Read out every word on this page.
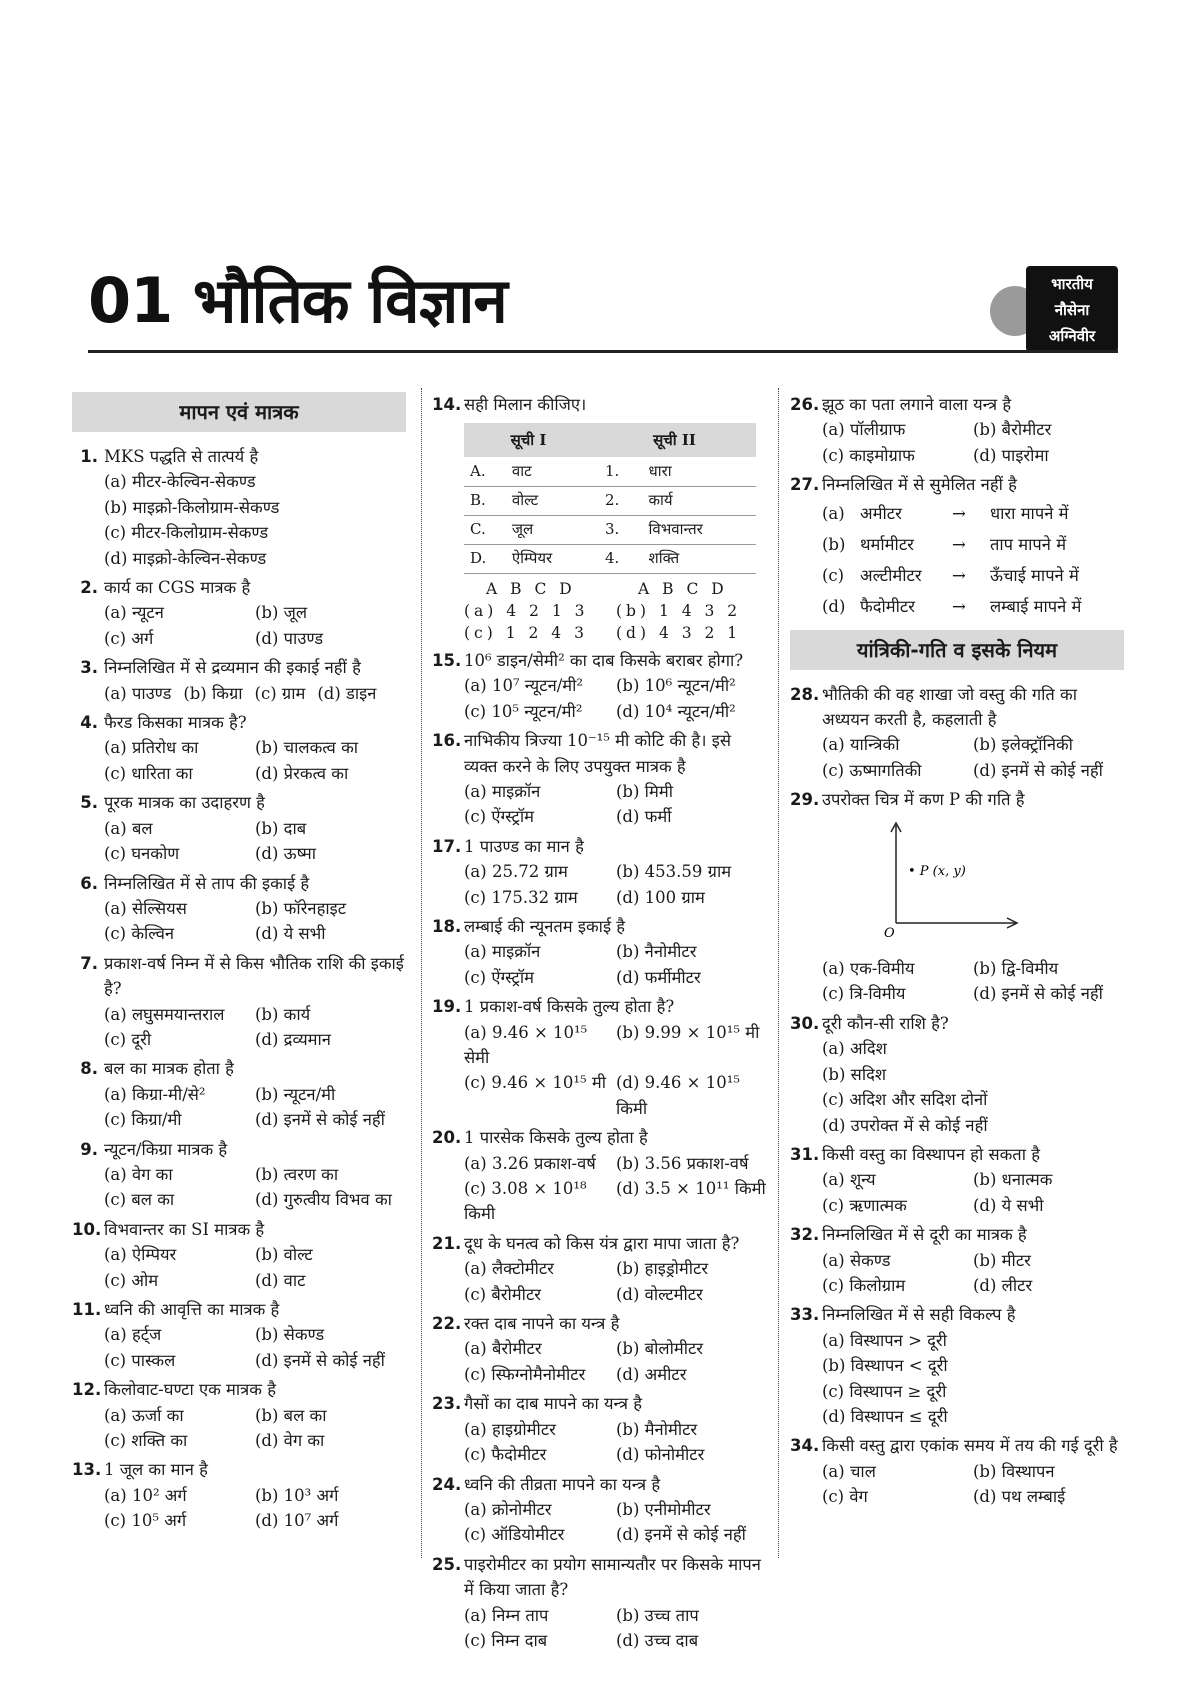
01 भौतिक विज्ञान	भारतीय
नौसेना
अग्निवीर
मापन एवं मात्रक
1. MKS पद्धति से तात्पर्य है
(a) मीटर-केल्विन-सेकण्ड
(b) माइक्रो-किलोग्राम-सेकण्ड
(c) मीटर-किलोग्राम-सेकण्ड
(d) माइक्रो-केल्विन-सेकण्ड
2. कार्य का CGS मात्रक है
(a) न्यूटन	(b) जूल
(c) अर्ग	(d) पाउण्ड
3. निम्नलिखित में से द्रव्यमान की इकाई नहीं है
(a) पाउण्ड (b) किग्रा (c) ग्राम (d) डाइन
4. फैरड किसका मात्रक है?
(a) प्रतिरोध का	(b) चालकत्व का
(c) धारिता का	(d) प्रेरकत्व का
5. पूरक मात्रक का उदाहरण है
(a) बल	(b) दाब
(c) घनकोण	(d) ऊष्मा
6. निम्नलिखित में से ताप की इकाई है
(a) सेल्सियस	(b) फॉरेनहाइट
(c) केल्विन	(d) ये सभी
7. प्रकाश-वर्ष निम्न में से किस भौतिक राशि की इकाई है?
(a) लघुसमयान्तराल	(b) कार्य
(c) दूरी	(d) द्रव्यमान
8. बल का मात्रक होता है
(a) किग्रा-मी/से²	(b) न्यूटन/मी
(c) किग्रा/मी	(d) इनमें से कोई नहीं
9. न्यूटन/किग्रा मात्रक है
(a) वेग का	(b) त्वरण का
(c) बल का	(d) गुरुत्वीय विभव का
10. विभवान्तर का SI मात्रक है
(a) ऐम्पियर	(b) वोल्ट
(c) ओम	(d) वाट
11. ध्वनि की आवृत्ति का मात्रक है
(a) हर्ट्ज	(b) सेकण्ड
(c) पास्कल	(d) इनमें से कोई नहीं
12. किलोवाट-घण्टा एक मात्रक है
(a) ऊर्जा का	(b) बल का
(c) शक्ति का	(d) वेग का
13. 1 जूल का मान है
(a) 10² अर्ग	(b) 10³ अर्ग
(c) 10⁵ अर्ग	(d) 10⁷ अर्ग
14. सही मिलान कीजिए।
सूची I		सूची II	
A.	वाट	1.	धारा
B.	वोल्ट	2.	कार्य
C.	जूल	3.	विभवान्तर
D.	ऐम्पियर	4.	शक्ति
A B C D	A B C D
(a) 4 2 1 3	(b) 1 4 3 2
(c) 1 2 4 3	(d) 4 3 2 1
15. 10⁶ डाइन/सेमी² का दाब किसके बराबर होगा?
(a) 10⁷ न्यूटन/मी²	(b) 10⁶ न्यूटन/मी²
(c) 10⁵ न्यूटन/मी²	(d) 10⁴ न्यूटन/मी²
16. नाभिकीय त्रिज्या 10⁻¹⁵ मी कोटि की है। इसे व्यक्त करने के लिए उपयुक्त मात्रक है
(a) माइक्रॉन	(b) मिमी
(c) ऐंग्स्ट्रॉम	(d) फर्मी
17. 1 पाउण्ड का मान है
(a) 25.72 ग्राम	(b) 453.59 ग्राम
(c) 175.32 ग्राम	(d) 100 ग्राम
18. लम्बाई की न्यूनतम इकाई है
(a) माइक्रॉन	(b) नैनोमीटर
(c) ऐंग्स्ट्रॉम	(d) फर्मीमीटर
19. 1 प्रकाश-वर्ष किसके तुल्य होता है?
(a) 9.46 × 10¹⁵ सेमी
(b) 9.99 × 10¹⁵ मी
(c) 9.46 × 10¹⁵ मी (d) 9.46 × 10¹⁵ किमी
20. 1 पारसेक किसके तुल्य होता है
(a) 3.26 प्रकाश-वर्ष	(b) 3.56 प्रकाश-वर्ष
(c) 3.08 × 10¹⁸ किमी
(d) 3.5 × 10¹¹ किमी
21. दूध के घनत्व को किस यंत्र द्वारा मापा जाता है?
(a) लैक्टोमीटर	(b) हाइड्रोमीटर
(c) बैरोमीटर	(d) वोल्टमीटर
22. रक्त दाब नापने का यन्त्र है
(a) बैरोमीटर	(b) बोलोमीटर
(c) स्फिग्नोमैनोमीटर	(d) अमीटर
23. गैसों का दाब मापने का यन्त्र है
(a) हाइग्रोमीटर	(b) मैनोमीटर
(c) फैदोमीटर	(d) फोनोमीटर
24. ध्वनि की तीव्रता मापने का यन्त्र है
(a) क्रोनोमीटर	(b) एनीमोमीटर
(c) ऑडियोमीटर	(d) इनमें से कोई नहीं
25. पाइरोमीटर का प्रयोग सामान्यतौर पर किसके मापन में किया जाता है?
(a) निम्न ताप	(b) उच्च ताप
(c) निम्न दाब	(d) उच्च दाब
26. झूठ का पता लगाने वाला यन्त्र है
(a) पॉलीग्राफ	(b) बैरोमीटर
(c) काइमोग्राफ	(d) पाइरोमा
27. निम्नलिखित में से सुमेलित नहीं है
(a) अमीटर	→	धारा मापने में
(b) थर्मामीटर	→	ताप मापने में
(c) अल्टीमीटर	→	ऊँचाई मापने में
(d) फैदोमीटर	→	लम्बाई मापने में
यांत्रिकी-गति व इसके नियम
28. भौतिकी की वह शाखा जो वस्तु की गति का अध्ययन करती है, कहलाती है
(a) यान्त्रिकी	(b) इलेक्ट्रॉनिकी
(c) ऊष्मागतिकी	(d) इनमें से कोई नहीं
29. उपरोक्त चित्र में कण P की गति है
• P (x, y)
O
(a) एक-विमीय	(b) द्वि-विमीय
(c) त्रि-विमीय	(d) इनमें से कोई नहीं
30. दूरी कौन-सी राशि है?
(a) अदिश
(b) सदिश
(c) अदिश और सदिश दोनों
(d) उपरोक्त में से कोई नहीं
31. किसी वस्तु का विस्थापन हो सकता है
(a) शून्य	(b) धनात्मक
(c) ऋणात्मक	(d) ये सभी
32. निम्नलिखित में से दूरी का मात्रक है
(a) सेकण्ड	(b) मीटर
(c) किलोग्राम	(d) लीटर
33. निम्नलिखित में से सही विकल्प है
(a) विस्थापन > दूरी
(b) विस्थापन < दूरी
(c) विस्थापन ≥ दूरी
(d) विस्थापन ≤ दूरी
34. किसी वस्तु द्वारा एकांक समय में तय की गई दूरी है
(a) चाल	(b) विस्थापन
(c) वेग	(d) पथ लम्बाई
